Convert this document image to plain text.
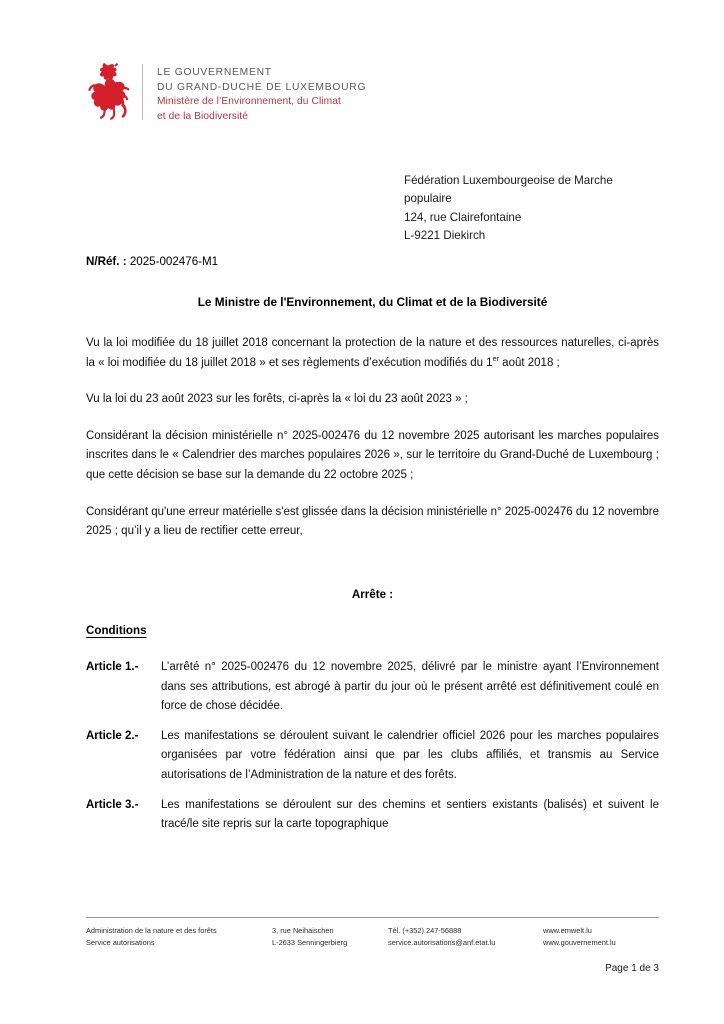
LE GOUVERNEMENT
DU GRAND-DUCHÉ DE LUXEMBOURG
Ministère de l’Environnement, du Climat
et de la Biodiversité
Fédération Luxembourgeoise de Marche
populaire
124, rue Clairefontaine
L-9221 Diekirch
N/Réf. : 2025-002476-M1
Le Ministre de l'Environnement, du Climat et de la Biodiversité

Vu la loi modifiée du 18 juillet 2018 concernant la protection de la nature et des ressources naturelles, ci-après la « loi modifiée du 18 juillet 2018 » et ses règlements d’exécution modifiés du 1er août 2018 ;

Vu la loi du 23 août 2023 sur les forêts, ci-après la « loi du 23 août 2023 » ;

Considérant la décision ministérielle n° 2025-002476 du 12 novembre 2025 autorisant les marches populaires inscrites dans le « Calendrier des marches populaires 2026 », sur le territoire du Grand-Duché de Luxembourg ; que cette décision se base sur la demande du 22 octobre 2025 ;

Considérant qu'une erreur matérielle s'est glissée dans la décision ministérielle n° 2025-002476 du 12 novembre 2025 ; qu’il y a lieu de rectifier cette erreur,

Arrête :
Conditions
Article 1.-	L’arrêté n° 2025-002476 du 12 novembre 2025, délivré par le ministre ayant l’Environnement dans ses attributions, est abrogé à partir du jour où le présent arrêté est définitivement coulé en force de chose décidée.
Article 2.-	Les manifestations se déroulent suivant le calendrier officiel 2026 pour les marches populaires organisées par votre fédération ainsi que par les clubs affiliés, et transmis au Service autorisations de l’Administration de la nature et des forêts.
Article 3.-	Les manifestations se déroulent sur des chemins et sentiers existants (balisés) et suivent le tracé/le site repris sur la carte topographique
Administration de la nature et des forêts
Service autorisations
3, rue Neihaischen
L-2633 Senningerbierg
Tél. (+352) 247-56888
service.autorisations@anf.etat.lu
www.emwelt.lu
www.gouvernement.lu
Page 1 de 3
